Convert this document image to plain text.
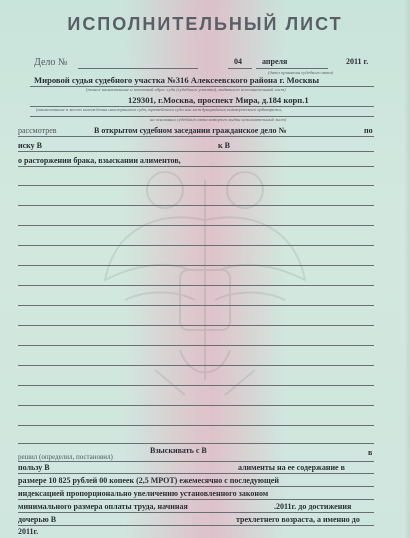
ИСПОЛНИТЕЛЬНЫЙ ЛИСТ
Дело №	04	апреля	2011 г.
(дата принятия судебного акта)
Мировой судья судебного участка №316 Алексеевского района г. Москвы
(полное наименование и почтовый адрес суда (судебного участка), выдавшего исполнительный лист)
129301, г.Москва, проспект Мира, д.184 корп.1
(наименование и место нахождения иностранного суда, третейского суда или международного коммерческого арбитража,
на основании судебного акта которого выдан исполнительный лист)
рассмотрев	В открытом судебном заседании гражданское дело №	по
иску В	к В
о расторжении брака, взыскании алиментов,
Взыскивать с В	в
решил (определил, постановил)
пользу В	алименты на ее содержание в
размере 10 825 рублей 00 копеек (2,5 МРОТ) ежемесячно с последующей
индексацией пропорционально увеличению установленного законом
минимального размера оплаты труда, начиная	.2011г. до достижения
дочерью В	трехлетнего возраста, а именно до
2011г.
